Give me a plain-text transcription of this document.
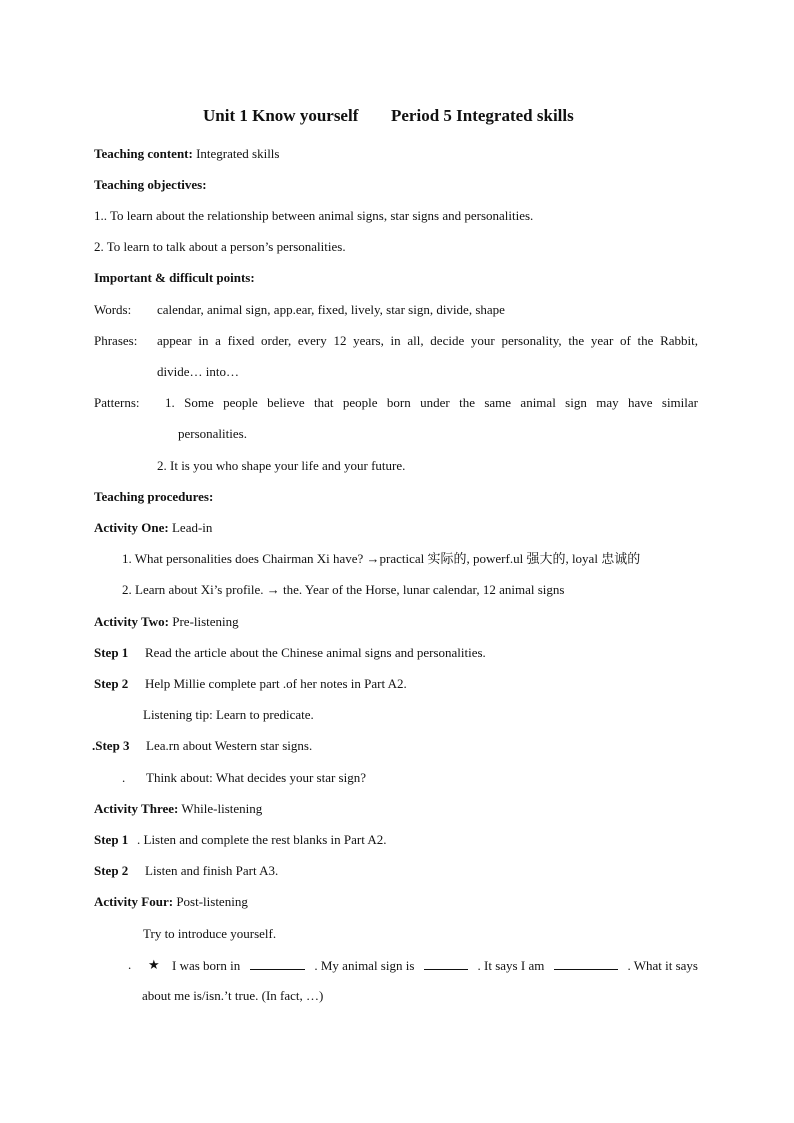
Unit 1 Know yourself Period 5 Integrated skills
Teaching content: Integrated skills
Teaching objectives:
1.. To learn about the relationship between animal signs, star signs and personalities.
2. To learn to talk about a person’s personalities.
Important & difficult points:
Words: calendar, animal sign, app.ear, fixed, lively, star sign, divide, shape
Phrases: appear in a fixed order, every 12 years, in all, decide your personality, the year of the Rabbit,
divide… into…
Patterns: 1. Some people believe that people born under the same animal sign may have similar
personalities.
2. It is you who shape your life and your future.
Teaching procedures:
Activity One: Lead-in
1. What personalities does Chairman Xi have? →practical 实际的, powerf.ul 强大的, loyal 忠诚的
2. Learn about Xi’s profile. → the. Year of the Horse, lunar calendar, 12 animal signs
Activity Two: Pre-listening
Step 1 Read the article about the Chinese animal signs and personalities.
Step 2 Help Millie complete part .of her notes in Part A2.
Listening tip: Learn to predicate.
.Step 3 Lea.rn about Western star signs.
. Think about: What decides your star sign?
Activity Three: While-listening
Step 1 . Listen and complete the rest blanks in Part A2.
Step 2 Listen and finish Part A3.
Activity Four: Post-listening
Try to introduce yourself.
. ★ I was born in	. My animal sign is	. It says I am	. What it says
about me is/isn.’t true. (In fact, …)
